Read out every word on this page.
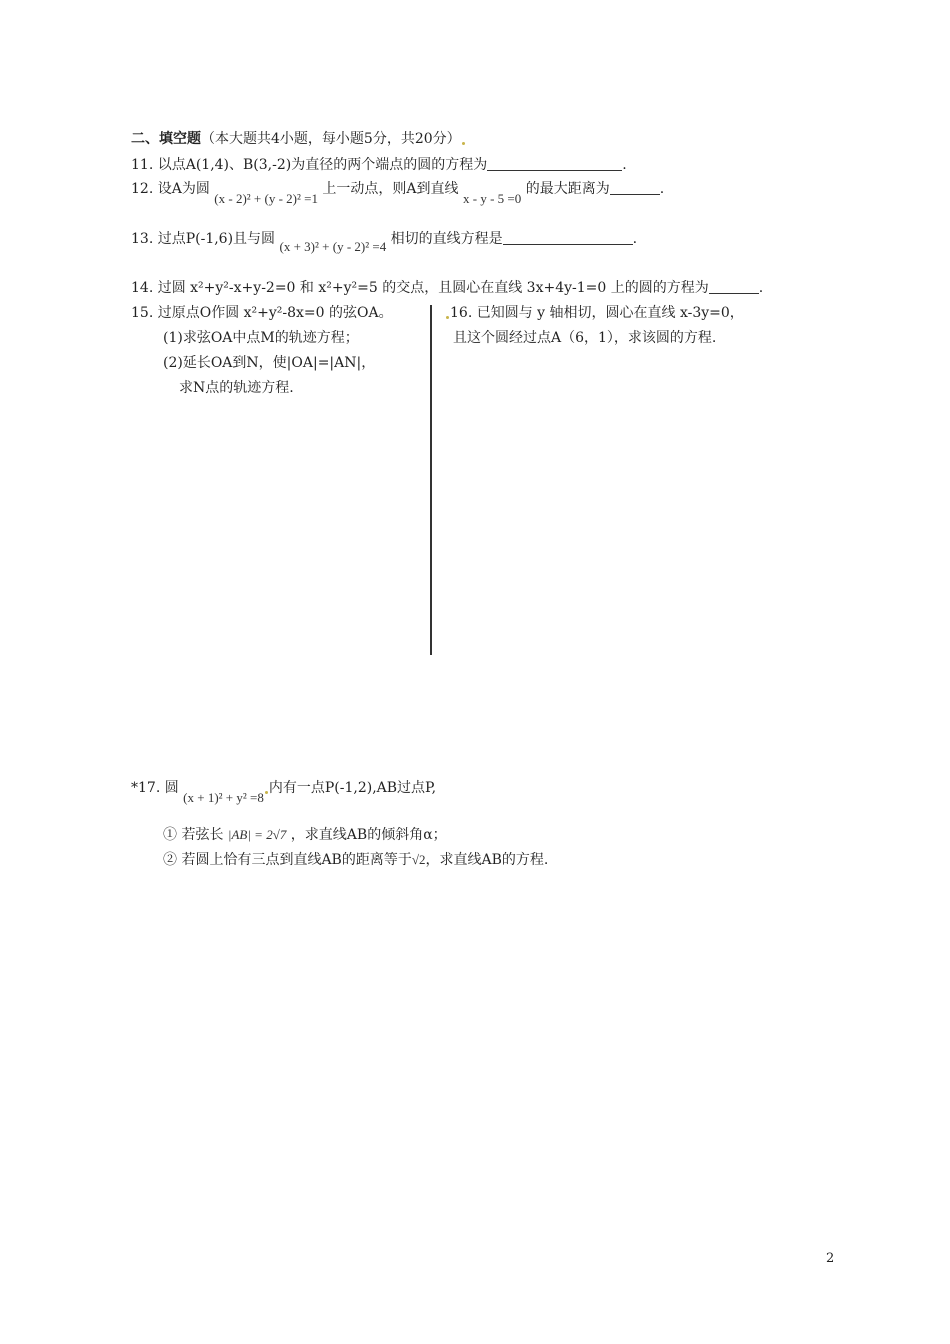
二、填空题（本大题共4小题，每小题5分，共20分）
11. 以点A(1,4)、B(3,-2)为直径的两个端点的圆的方程为	.
12. 设A为圆 (x - 2)² + (y - 2)² =1 上一动点，则A到直线 x - y - 5 =0 的最大距离为	.
13. 过点P(-1,6)且与圆 (x + 3)² + (y - 2)² =4 相切的直线方程是	.
14. 过圆 x²+y²-x+y-2=0 和 x²+y²=5 的交点，且圆心在直线 3x+4y-1=0 上的圆的方程为	.
15. 过原点O作圆 x²+y²-8x=0 的弦OA。
(1)求弦OA中点M的轨迹方程；
(2)延长OA到N，使|OA|=|AN|，
求N点的轨迹方程.
16. 已知圆与 y 轴相切，圆心在直线 x-3y=0，
且这个圆经过点A（6，1），求该圆的方程.
*17. 圆 (x + 1)² + y² =8内有一点P(-1,2),AB过点P,
① 若弦长 |AB| = 2√7 ，求直线AB的倾斜角α；
② 若圆上恰有三点到直线AB的距离等于√2，求直线AB的方程.
2
